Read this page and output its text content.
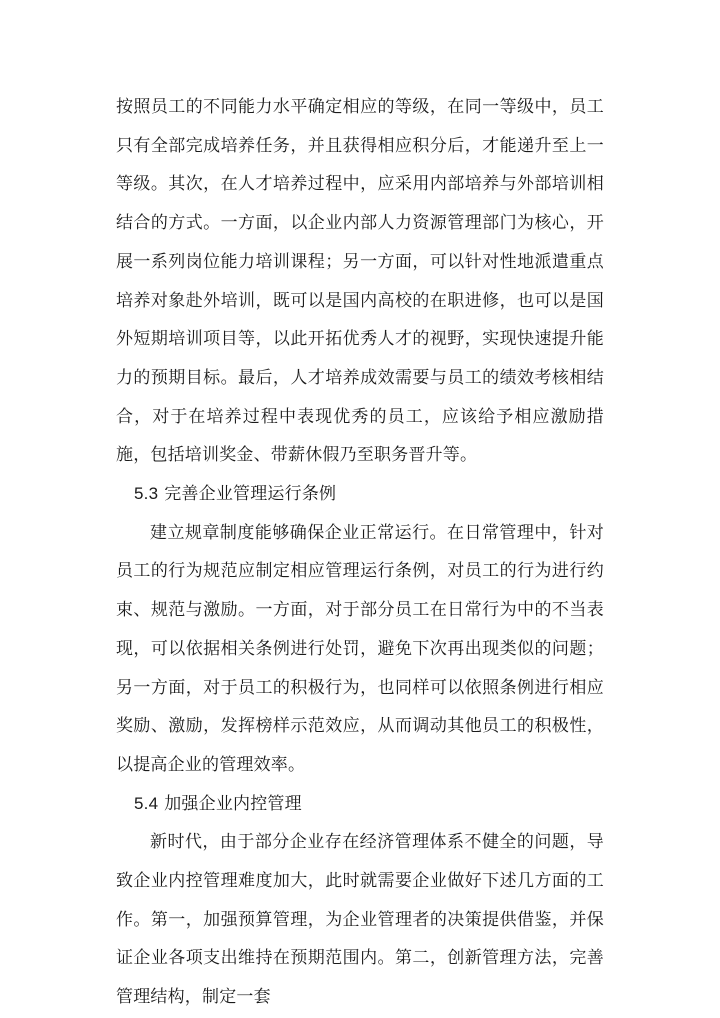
按照员工的不同能力水平确定相应的等级，在同一等级中，员工只有全部完成培养任务，并且获得相应积分后，才能递升至上一等级。其次，在人才培养过程中，应采用内部培养与外部培训相结合的方式。一方面，以企业内部人力资源管理部门为核心，开展一系列岗位能力培训课程；另一方面，可以针对性地派遣重点培养对象赴外培训，既可以是国内高校的在职进修，也可以是国外短期培训项目等，以此开拓优秀人才的视野，实现快速提升能力的预期目标。最后，人才培养成效需要与员工的绩效考核相结合，对于在培养过程中表现优秀的员工，应该给予相应激励措施，包括培训奖金、带薪休假乃至职务晋升等。

5.3 完善企业管理运行条例

建立规章制度能够确保企业正常运行。在日常管理中，针对员工的行为规范应制定相应管理运行条例，对员工的行为进行约束、规范与激励。一方面，对于部分员工在日常行为中的不当表现，可以依据相关条例进行处罚，避免下次再出现类似的问题；另一方面，对于员工的积极行为，也同样可以依照条例进行相应奖励、激励，发挥榜样示范效应，从而调动其他员工的积极性，以提高企业的管理效率。

5.4 加强企业内控管理

新时代，由于部分企业存在经济管理体系不健全的问题，导致企业内控管理难度加大，此时就需要企业做好下述几方面的工作。第一，加强预算管理，为企业管理者的决策提供借鉴，并保证企业各项支出维持在预期范围内。第二，创新管理方法，完善管理结构，制定一套
